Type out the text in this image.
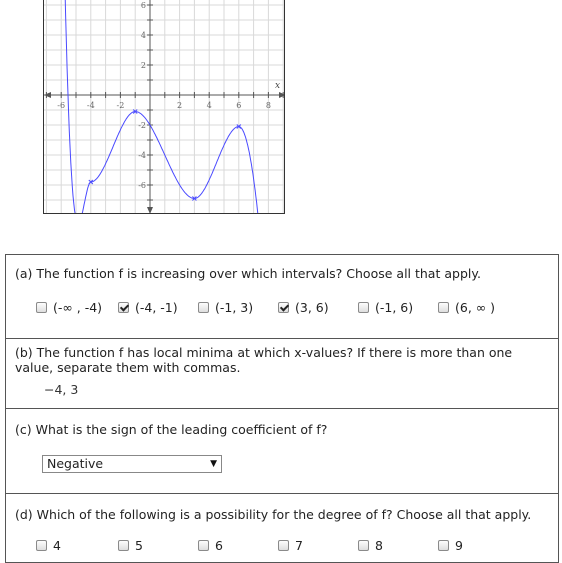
-6	-4	-2	2	4	6	8
6
4
2
-2
-4
-6
x
(a) The function f is increasing over which intervals? Choose all that apply.
(-∞ , -4)	(-4, -1)	(-1, 3)	(3, 6)	(-1, 6)	(6, ∞ )
(b) The function f has local minima at which x-values? If there is more than one value, separate them with commas.
−4, 3
(c) What is the sign of the leading coefficient of f?
Negative	▼
(d) Which of the following is a possibility for the degree of f? Choose all that apply.
4	5	6	7	8	9
